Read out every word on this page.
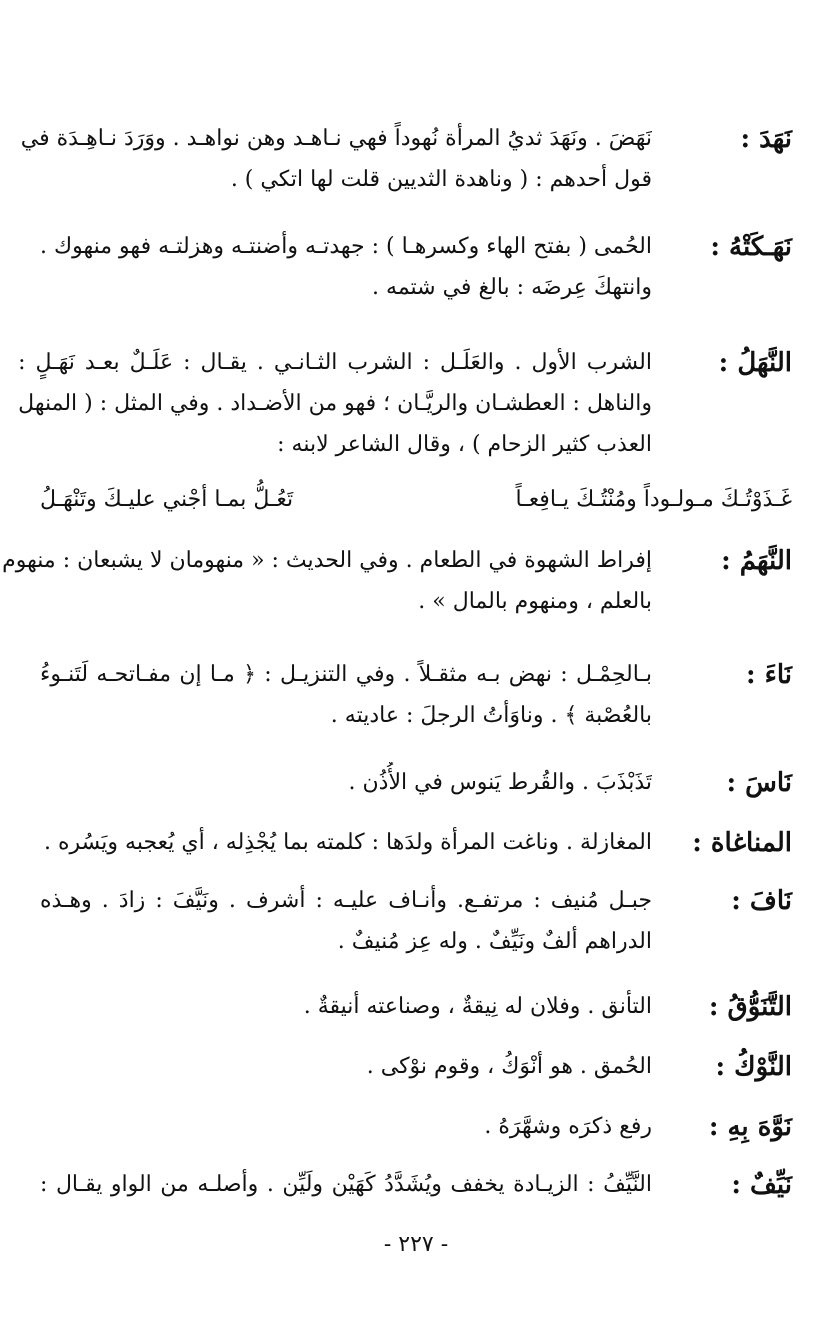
نَهَدَ :
نَهَضَ . ونَهَدَ ثديُ المرأة نُهوداً فهي نـاهـد وهن نواهـد . ووَرَدَ نـاهِـدَة في
قول أحدهم : ( وناهدة الثديين قلت لها اتكي ) .
نَهَـكَتْهُ :
الحُمى ( بفتح الهاء وكسرهـا ) : جهدتـه وأضنتـه وهزلتـه فهو منهوك .
وانتهكَ عِرضَه : بالغ في شتمه .
النَّهَلُ :
الشرب الأول . والعَلَـل : الشرب الثـانـي . يقـال : عَلَـلٌ بعـد نَهَـلٍ :
والناهل : العطشـان والريَّـان ؛ فهو من الأضـداد . وفي المثل : ( المنهل
العذب كثير الزحام ) ، وقال الشاعر لابنه :
غَـذَوْتُـكَ مـولـوداً ومُنْتُـكَ يـافِعـاً
تَعُـلُّ بمـا أجْني عليـكَ وتَنْهَـلُ
النَّهَمُ :
إفراط الشهوة في الطعام . وفي الحديث : « منهومان لا يشبعان : منهوم
بالعلم ، ومنهوم بالمال » .
نَاءَ :
بـالحِمْـل : نهض بـه مثقـلاً . وفي التنزيـل : ﴿ مـا إن مفـاتحـه لَتَنـوءُ
بالعُصْبة ﴾ . وناوَأتُ الرجلَ : عاديته .
نَاسَ :
تَذَبْذَبَ . والقُرط يَنوس في الأُذُن .
المناغاة :
المغازلة . وناغت المرأة ولدَها : كلمته بما يُجْذِله ، أي يُعجبه ويَسُره .
نَافَ :
جبـل مُنيف : مرتفـع. وأنـاف عليـه : أشرف . ونَيَّفَ : زادَ . وهـذه
الدراهم ألفٌ ونَيِّفٌ . وله عِز مُنيفٌ .
التَّنَوُّقُ :
التأنق . وفلان له نِيقةٌ ، وصناعته أنيقةٌ .
النَّوْكُ :
الحُمق . هو أنْوَكُ ، وقوم نوْكى .
نَوَّهَ بِهِ :
رفع ذكرَه وشهَّرَهُ .
نَيِّفٌ :
النَّيِّفُ : الزيـادة يخفف ويُشَدَّدُ كَهَيْن ولَيِّن . وأصلـه من الواو يقـال :
- ٢٢٧ -
